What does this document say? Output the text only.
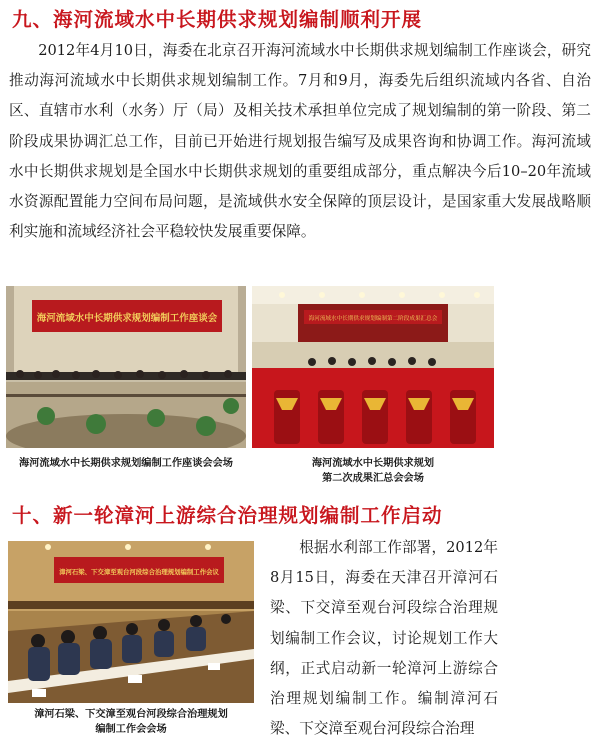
九、海河流域水中长期供求规划编制顺利开展

2012年4月10日，海委在北京召开海河流域水中长期供求规划编制工作座谈会，研究推动海河流域水中长期供求规划编制工作。7月和9月，海委先后组织流域内各省、自治区、直辖市水利（水务）厅（局）及相关技术承担单位完成了规划编制的第一阶段、第二阶段成果协调汇总工作，目前已开始进行规划报告编写及成果咨询和协调工作。海河流域水中长期供求规划是全国水中长期供求规划的重要组成部分，重点解决今后10–20年流域水资源配置能力空间布局问题，是流域供水安全保障的顶层设计，是国家重大发展战略顺利实施和流域经济社会平稳较快发展重要保障。

海河流域水中长期供求规划编制工作座谈会

海河流域水中长期供求规划编制工作座谈会会场

海河流域水中长期供求规划编制第二阶段成果汇总会

海河流域水中长期供求规划
第二次成果汇总会会场

十、新一轮漳河上游综合治理规划编制工作启动
漳河石梁、下交漳至观台河段综合治理规划编制工作会议

漳河石梁、下交漳至观台河段综合治理规划
编制工作会会场

根据水利部工作部署，2012年8月15日，海委在天津召开漳河石梁、下交漳至观台河段综合治理规划编制工作会议，讨论规划工作大纲，正式启动新一轮漳河上游综合治理规划编制工作。编制漳河石梁、下交漳至观台河段综合治理
